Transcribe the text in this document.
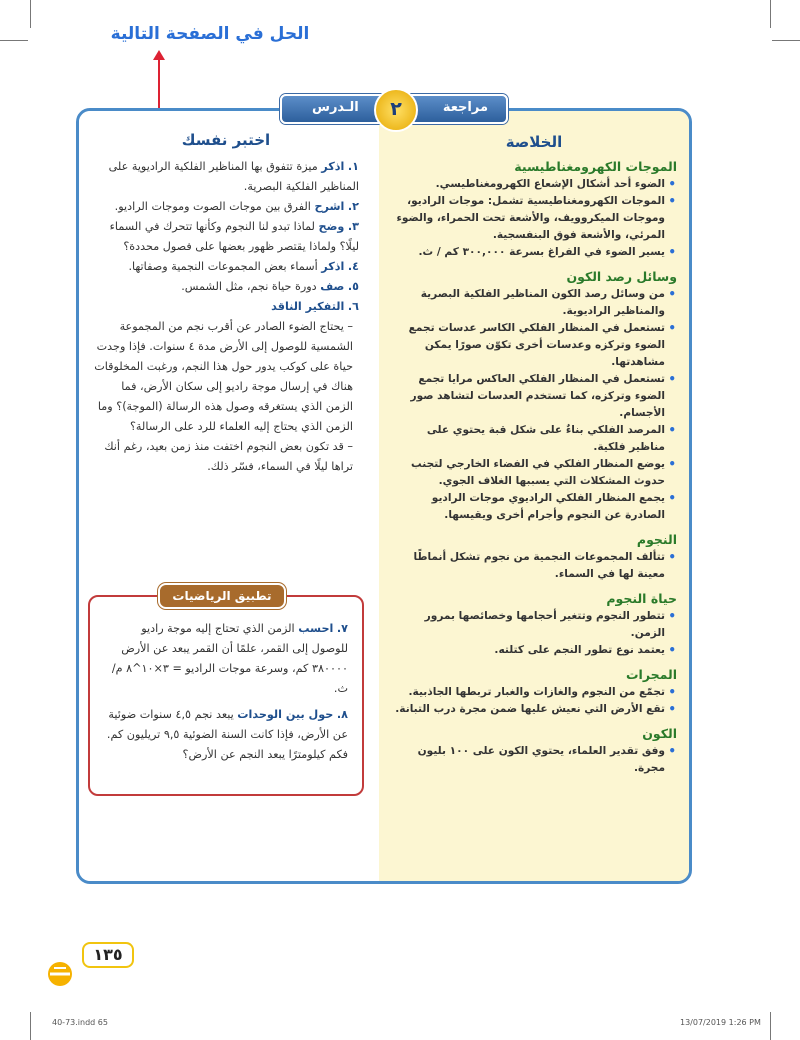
الحل في الصفحة التالية

اختبر نفسك

١. اذكر ميزة تتفوق بها المناظير الفلكية الراديوية على المناظير الفلكية البصرية.

٢. اشرح الفرق بين موجات الصوت وموجات الراديو.

٣. وضح لماذا تبدو لنا النجوم وكأنها تتحرك في السماء ليلًا؟ ولماذا يقتصر ظهور بعضها على فصول محددة؟

٤. اذكر أسماء بعض المجموعات النجمية وصفاتها.

٥. صف دورة حياة نجم، مثل الشمس.

٦. التفكير الناقد

– يحتاج الضوء الصادر عن أقرب نجم من المجموعة الشمسية للوصول إلى الأرض مدة ٤ سنوات. فإذا وجدت حياة على كوكب يدور حول هذا النجم، ورغبت المخلوقات هناك في إرسال موجة راديو إلى سكان الأرض، فما الزمن الذي يستغرقه وصول هذه الرسالة (الموجة)؟ وما الزمن الذي يحتاج إليه العلماء للرد على الرسالة؟

– قد تكون بعض النجوم اختفت منذ زمن بعيد، رغم أنك تراها ليلًا في السماء، فسّر ذلك.

الخلاصة

الموجات الكهرومغناطيسية
• الضوء أحد أشكال الإشعاع الكهرومغناطيسي.
• الموجات الكهرومغناطيسية تشمل: موجات الراديو، وموجات الميكروويف، والأشعة تحت الحمراء، والضوء المرئي، والأشعة فوق البنفسجية.
• يسير الضوء في الفراغ بسرعة ٣٠٠,٠٠٠ كم / ث.
وسائل رصد الكون
• من وسائل رصد الكون المناظير الفلكية البصرية والمناظير الراديوية.
• تستعمل في المنظار الفلكي الكاسر عدسات تجمع الضوء وتركزه وعدسات أخرى تكوّن صورًا يمكن مشاهدتها.
• تستعمل في المنظار الفلكي العاكس مرايا تجمع الضوء وتركزه، كما تستخدم العدسات لتشاهد صور الأجسام.
• المرصد الفلكي بناءٌ على شكل قبة يحتوي على مناظير فلكية.
• يوضع المنظار الفلكي في الفضاء الخارجي لتجنب حدوث المشكلات التي يسببها الغلاف الجوي.
• يجمع المنظار الفلكي الراديوي موجات الراديو الصادرة عن النجوم وأجرام أخرى ويقيسها.
النجوم
• تتألف المجموعات النجمية من نجوم تشكل أنماطًا معينة لها في السماء.
حياة النجوم
• تتطور النجوم وتتغير أحجامها وخصائصها بمرور الزمن.
• يعتمد نوع تطور النجم على كتلته.
المجرات
• تجمّع من النجوم والغازات والغبار تربطها الجاذبية.
• تقع الأرض التي نعيش عليها ضمن مجرة درب التبانة.
الكون
• وفق تقدير العلماء، يحتوي الكون على ١٠٠ بليون مجرة.
مراجعة
٢
الـدرس

٧. احسب الزمن الذي تحتاج إليه موجة راديو للوصول إلى القمر، علمًا أن القمر يبعد عن الأرض ٣٨٠٠٠٠ كم، وسرعة موجات الراديو = ٣×١٠^٨ م/ث.

٨. حول بين الوحدات يبعد نجم ٤,٥ سنوات ضوئية عن الأرض، فإذا كانت السنة الضوئية ٩,٥ تريليون كم. فكم كيلومترًا يبعد النجم عن الأرض؟

تطبيق الرياضيات
١٣٥
40-73.indd 65	13/07/2019 1:26 PM
